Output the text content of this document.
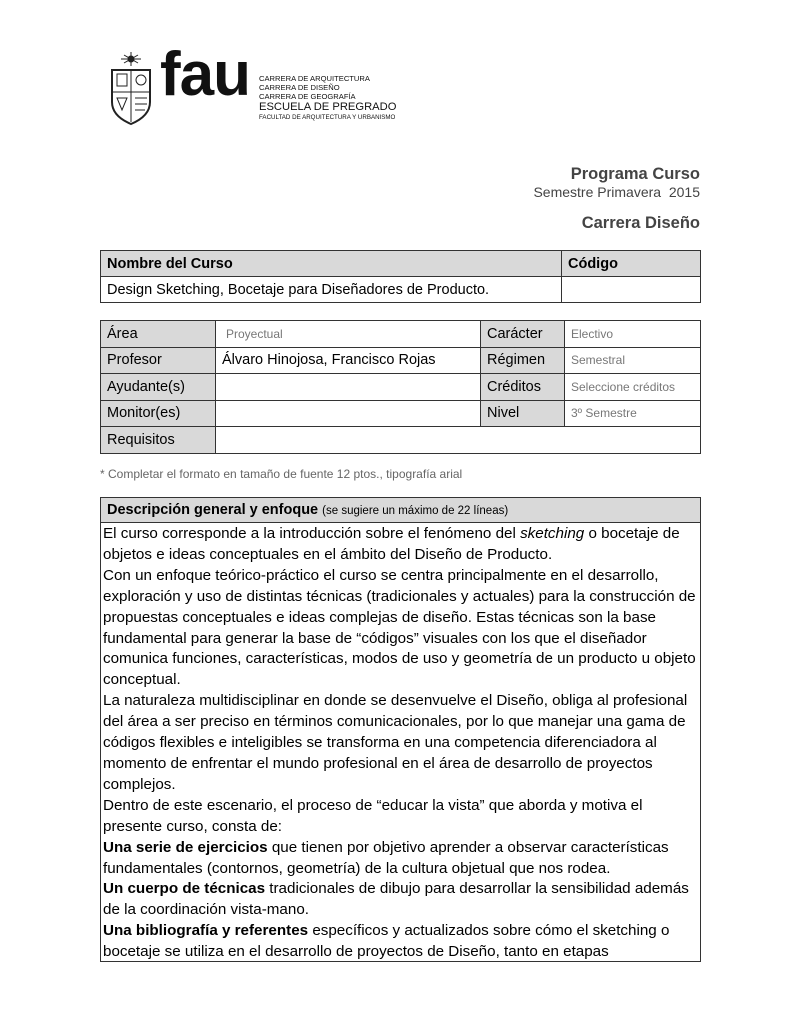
fau CARRERA DE ARQUITECTURA
CARRERA DE DISEÑO
CARRERA DE GEOGRAFÍA
ESCUELA DE PREGRADO
FACULTAD DE ARQUITECTURA Y URBANISMO
Programa Curso
Semestre Primavera  2015
Carrera Diseño
Nombre del Curso	Código
Design Sketching, Bocetaje para Diseñadores de Producto.	
Área	Proyectual	Carácter	Electivo
Profesor	Álvaro Hinojosa, Francisco Rojas	Régimen	Semestral
Ayudante(s)		Créditos	Seleccione créditos
Monitor(es)		Nivel	3º Semestre
Requisitos			
* Completar el formato en tamaño de fuente 12 ptos., tipografía arial
Descripción general y enfoque (se sugiere un máximo de 22 líneas)

El curso corresponde a la introducción sobre el fenómeno del sketching o bocetaje de objetos e ideas conceptuales en el ámbito del Diseño de Producto.

Con un enfoque teórico-práctico el curso se centra principalmente en el desarrollo, exploración y uso de distintas técnicas (tradicionales y actuales) para la construcción de propuestas conceptuales e ideas complejas de diseño. Estas técnicas son la base fundamental para generar la base de “códigos” visuales con los que el diseñador comunica funciones, características, modos de uso y geometría de un producto u objeto conceptual.

La naturaleza multidisciplinar en donde se desenvuelve el Diseño, obliga al profesional del área a ser preciso en términos comunicacionales, por lo que manejar una gama de códigos flexibles e inteligibles se transforma en una competencia diferenciadora al momento de enfrentar el mundo profesional en el área de desarrollo de proyectos complejos.

Dentro de este escenario, el proceso de “educar la vista” que aborda y motiva el presente curso, consta de:

Una serie de ejercicios que tienen por objetivo aprender a observar características fundamentales (contornos, geometría) de la cultura objetual que nos rodea.

Un cuerpo de técnicas tradicionales de dibujo para desarrollar la sensibilidad además de la coordinación vista-mano.

Una bibliografía y referentes específicos y actualizados sobre cómo el sketching o bocetaje se utiliza en el desarrollo de proyectos de Diseño, tanto en etapas
